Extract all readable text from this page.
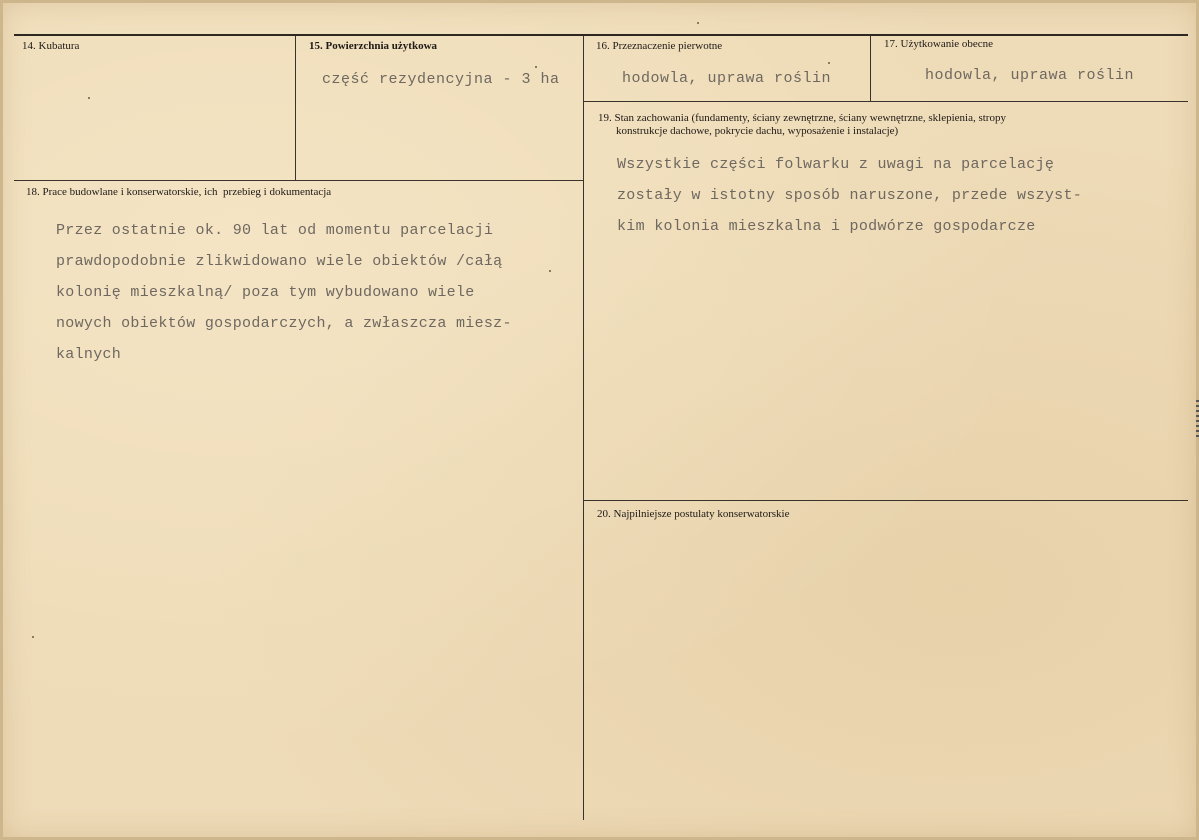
14. Kubatura	15. Powierzchnia użytkowa
część rezydencyjna - 3 ha
16. Przeznaczenie pierwotne
hodowla, uprawa roślin
17. Użytkowanie obecne
hodowla, uprawa roślin
19. Stan zachowania (fundamenty, ściany zewnętrzne, ściany wewnętrzne, sklepienia, stropy
konstrukcje dachowe, pokrycie dachu, wyposażenie i instalacje)
Wszystkie części folwarku z uwagi na parcelację
zostały w istotny sposób naruszone, przede wszyst-
kim kolonia mieszkalna i podwórze gospodarcze
18. Prace budowlane i konserwatorskie, ich  przebieg i dokumentacja
Przez ostatnie ok. 90 lat od momentu parcelacji
prawdopodobnie zlikwidowano wiele obiektów /całą
kolonię mieszkalną/ poza tym wybudowano wiele
nowych obiektów gospodarczych, a zwłaszcza miesz-
kalnych
20. Najpilniejsze postulaty konserwatorskie
